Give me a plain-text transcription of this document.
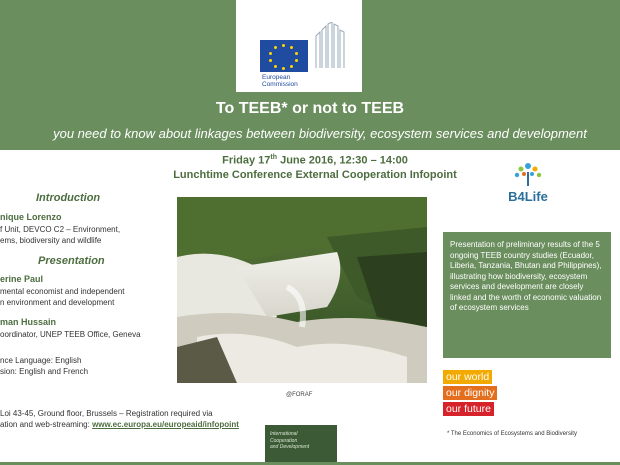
European
Commission
To TEEB* or not to TEEB
you need to know about linkages between biodiversity, ecosystem services and development
Friday 17th June 2016, 12:30 – 14:00
Lunchtime Conference External Cooperation Infopoint
Introduction
nique Lorenzo
f Unit, DEVCO C2 – Environment,
ems, biodiversity and wildlife
Presentation
erine Paul
mental economist and independent
n environment and development
man Hussain
oordinator, UNEP TEEB Office, Geneva
nce Language: English
sion: English and French
Loi 43-45, Ground floor, Brussels – Registration required via
ation and web-streaming: www.ec.europa.eu/europeaid/infopoint
@FORAF
B4Life
Presentation of preliminary results of the 5 ongoing TEEB country studies (Ecuador, Liberia, Tanzania, Bhutan and Philippines), illustrating how biodiversity, ecosystem services and development are closely linked and the worth of economic valuation of ecosystem services
our world
our dignity
our future
International
Cooperation
and Development
* The Economics of Ecosystems and Biodiversity
